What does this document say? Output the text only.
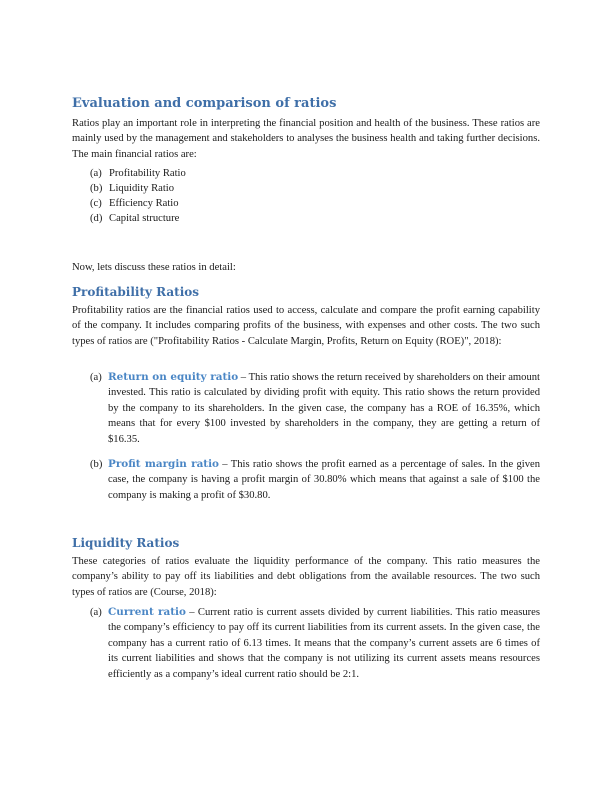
Evaluation and comparison of ratios

Ratios play an important role in interpreting the financial position and health of the business. These ratios are mainly used by the management and stakeholders to analyses the business health and taking further decisions. The main financial ratios are:

(a) Profitability Ratio
(b) Liquidity Ratio
(c) Efficiency Ratio
(d) Capital structure

Now, lets discuss these ratios in detail:

Profitability Ratios

Profitability ratios are the financial ratios used to access, calculate and compare the profit earning capability of the company. It includes comparing profits of the business, with expenses and other costs. The two such types of ratios are ("Profitability Ratios - Calculate Margin, Profits, Return on Equity (ROE)", 2018):

(a) Return on equity ratio – This ratio shows the return received by shareholders on their amount invested. This ratio is calculated by dividing profit with equity. This ratio shows the return provided by the company to its shareholders. In the given case, the company has a ROE of 16.35%, which means that for every $100 invested by shareholders in the company, they are getting a return of $16.35.
(b) Profit margin ratio – This ratio shows the profit earned as a percentage of sales. In the given case, the company is having a profit margin of 30.80% which means that against a sale of $100 the company is making a profit of $30.80.
Liquidity Ratios

These categories of ratios evaluate the liquidity performance of the company. This ratio measures the company’s ability to pay off its liabilities and debt obligations from the available resources. The two such types of ratios are (Course, 2018):

(a) Current ratio – Current ratio is current assets divided by current liabilities. This ratio measures the company’s efficiency to pay off its current liabilities from its current assets. In the given case, the company has a current ratio of 6.13 times. It means that the company’s current assets are 6 times of its current liabilities and shows that the company is not utilizing its current assets means resources efficiently as a company’s ideal current ratio should be 2:1.
